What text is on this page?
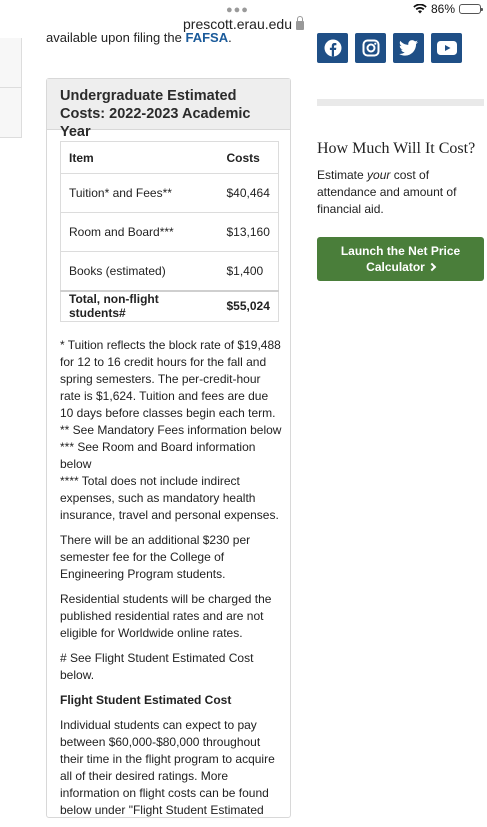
●●●
prescott.erau.edu
86%
available upon filing the FAFSA.
Undergraduate Estimated Costs: 2022-2023 Academic Year
Item	Costs
Tuition* and Fees**	$40,464
Room and Board***	$13,160
Books (estimated)	$1,400
Total, non-flight students#	$55,024

* Tuition reflects the block rate of $19,488 for 12 to 16 credit hours for the fall and spring semesters. The per-credit-hour rate is $1,624. Tuition and fees are due 10 days before classes begin each term.

** See Mandatory Fees information below

*** See Room and Board information below

**** Total does not include indirect expenses, such as mandatory health insurance, travel and personal expenses.

There will be an additional $230 per semester fee for the College of Engineering Program students.

Residential students will be charged the published residential rates and are not eligible for Worldwide online rates.

# See Flight Student Estimated Cost below.

Flight Student Estimated Cost

Individual students can expect to pay between $60,000-$80,000 throughout their time in the flight program to acquire all of their desired ratings. More information on flight costs can be found below under "Flight Student Estimated

How Much Will It Cost?
Estimate your cost of attendance and amount of financial aid.
Launch the Net Price Calculator
